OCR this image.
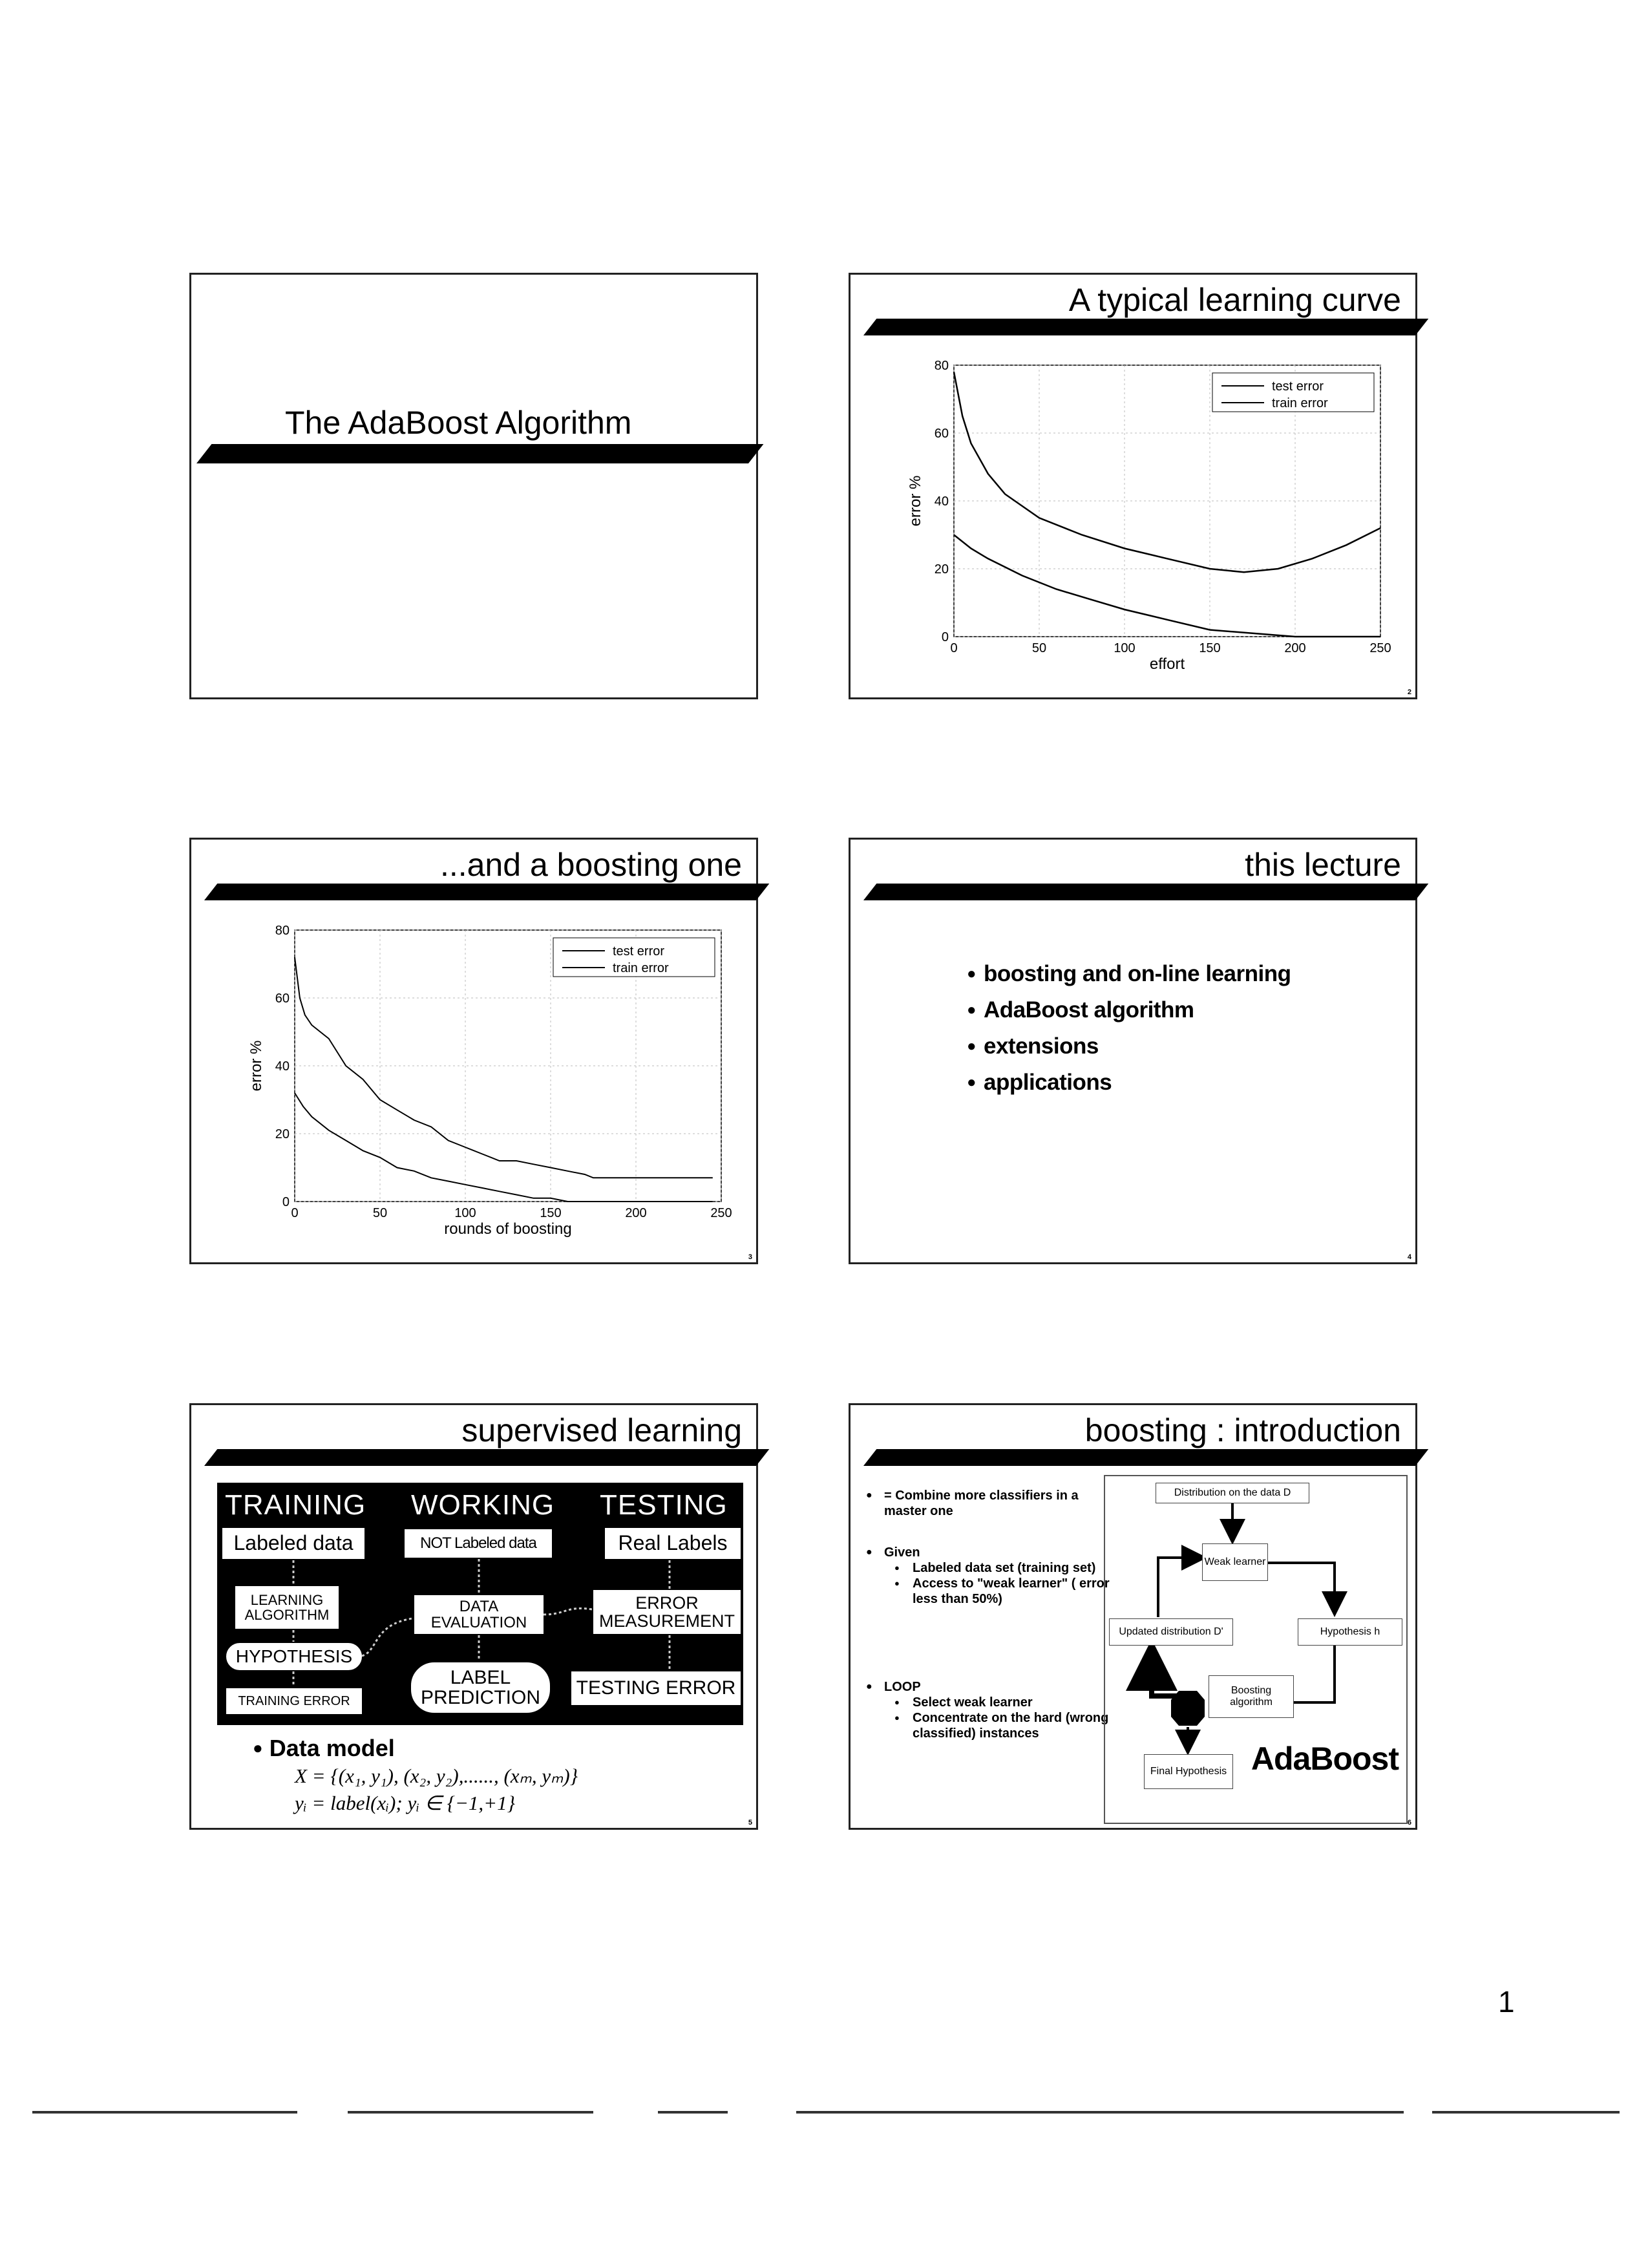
The AdaBoost Algorithm
A typical learning curve
0	50	100	150	200	250
0
20
40
60
80
effort
error %
test error
train error
2
...and a boosting one
0	50	100	150	200	250
0
20
40
60
80
rounds of boosting
error %
test error
train error
3
this lecture
● boosting and on-line learning
● AdaBoost algorithm
● extensions
● applications
4
supervised learning
TRAINING WORKING TESTING
Labeled data	NOT Labeled data	Real Labels
LEARNING ALGORITHM	DATA EVALUATION
ERROR MEASUREMENT
HYPOTHESIS
LABEL PREDICTION	TESTING ERROR
TRAINING ERROR
● Data model
X = {(x₁, y₁), (x₂, y₂),......, (xₘ, yₘ)}
yᵢ = label(xᵢ); yᵢ ∈ {−1,+1}
5
boosting : introduction
● = Combine more classifiers in a master one
● Given
● Labeled data set (training set)
● Access to "weak learner" ( error less than 50%)
● LOOP
● Select weak learner
● Concentrate on the hard (wrong classified) instances
Distribution on the data D
Weak learner
Updated distribution D'	Hypothesis h
Boosting algorithm
Final Hypothesis AdaBoost
6
1
